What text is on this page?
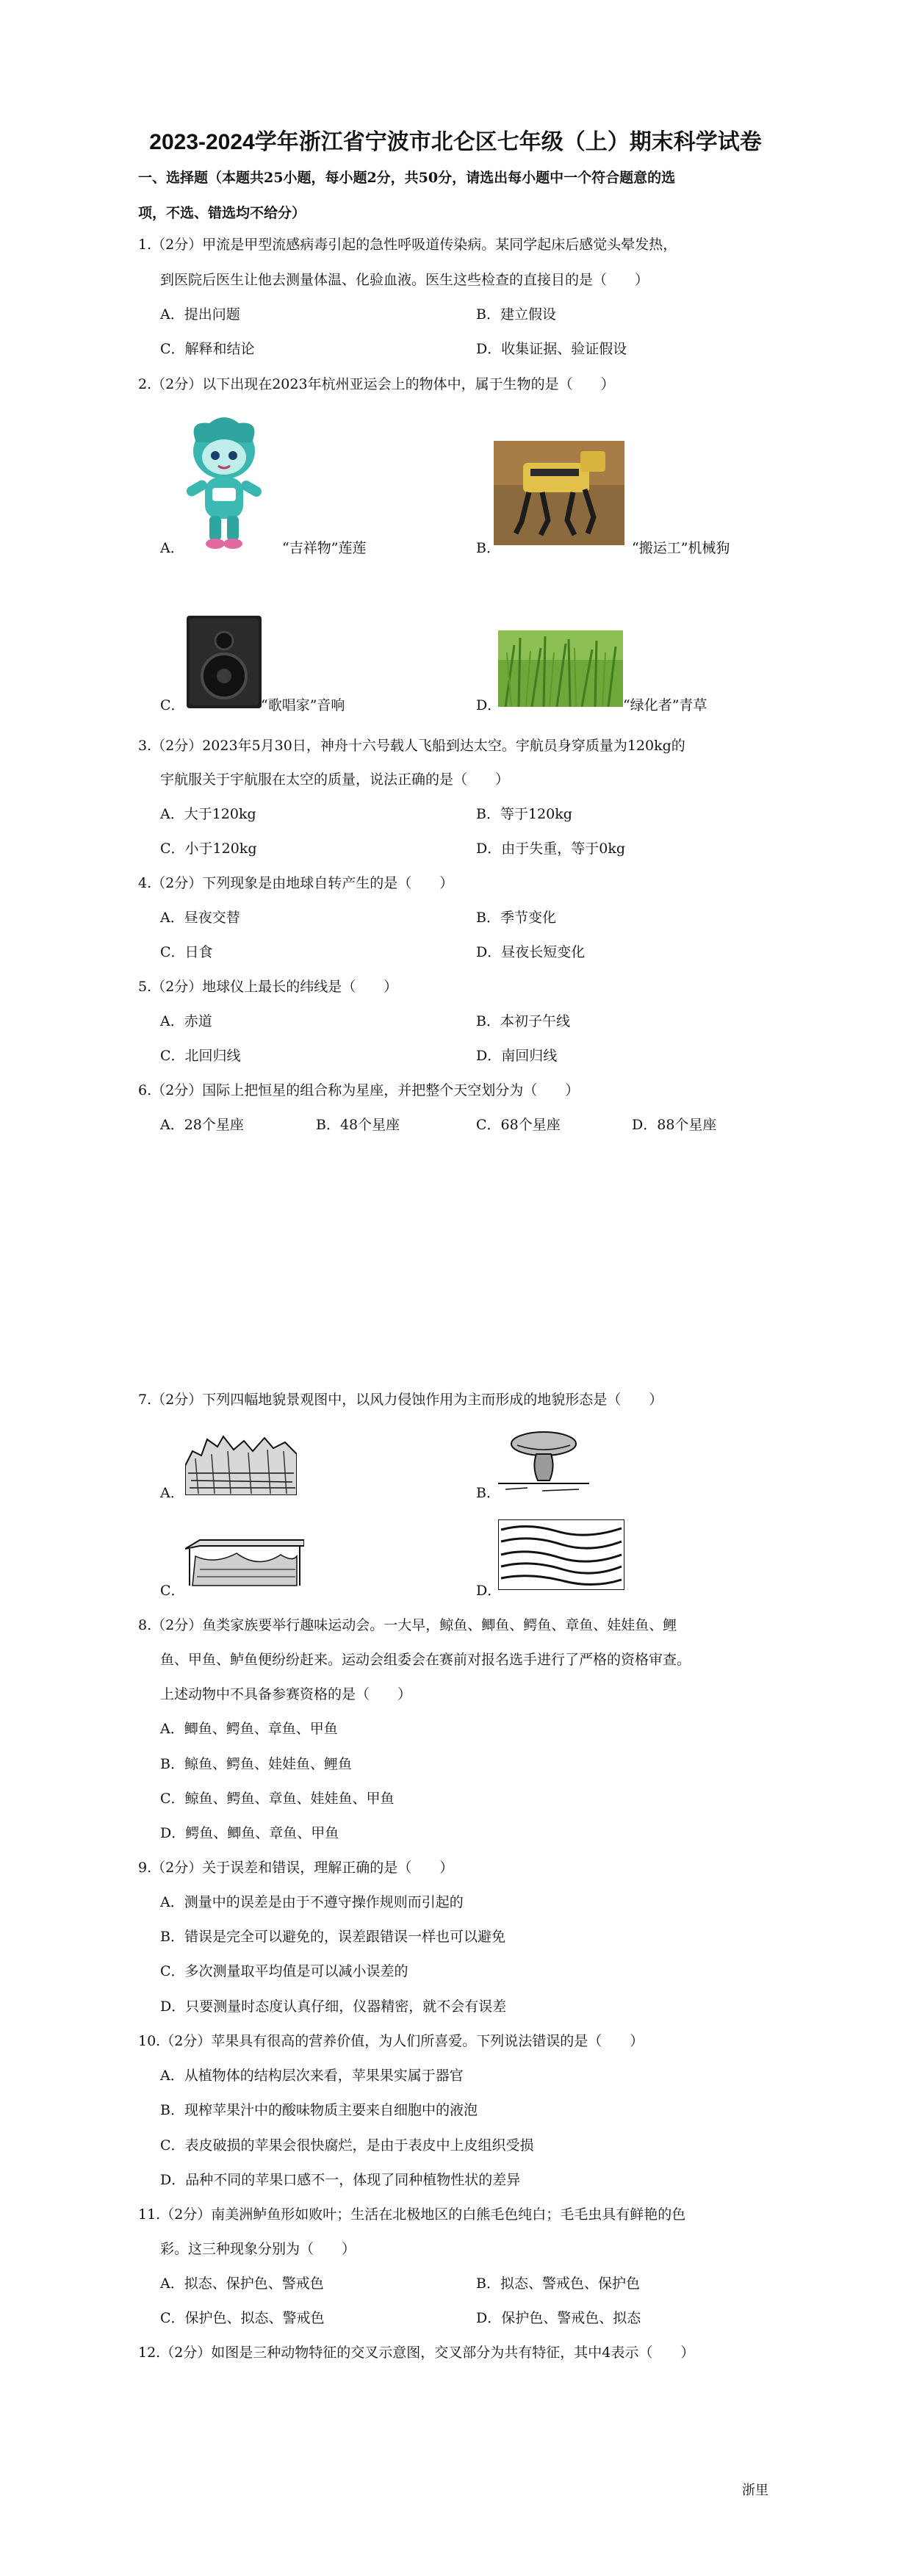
2023-2024学年浙江省宁波市北仑区七年级（上）期末科学试卷
一、选择题（本题共25小题，每小题2分，共50分，请选出每小题中一个符合题意的选
项，不选、错选均不给分）
1.（2分）甲流是甲型流感病毒引起的急性呼吸道传染病。某同学起床后感觉头晕发热，
到医院后医生让他去测量体温、化验血液。医生这些检查的直接目的是（　　）
A．提出问题	B．建立假设
C．解释和结论	D．收集证据、验证假设
2.（2分）以下出现在2023年杭州亚运会上的物体中，属于生物的是（　　）
A．	“吉祥物”莲莲	B．	“搬运工”机械狗
C．	“歌唱家”音响	D．	“绿化者”青草
3.（2分）2023年5月30日，神舟十六号载人飞船到达太空。宇航员身穿质量为120kg的
宇航服关于宇航服在太空的质量，说法正确的是（　　）
A．大于120kg	B．等于120kg
C．小于120kg	D．由于失重，等于0kg
4.（2分）下列现象是由地球自转产生的是（　　）
A．昼夜交替	B．季节变化
C．日食	D．昼夜长短变化
5.（2分）地球仪上最长的纬线是（　　）
A．赤道	B．本初子午线
C．北回归线	D．南回归线
6.（2分）国际上把恒星的组合称为星座，并把整个天空划分为（　　）
A．28个星座	B．48个星座	C．68个星座	D．88个星座
7.（2分）下列四幅地貌景观图中，以风力侵蚀作用为主而形成的地貌形态是（　　）
A．	B．
C．	D．
8.（2分）鱼类家族要举行趣味运动会。一大早，鲸鱼、鲫鱼、鳄鱼、章鱼、娃娃鱼、鲤
鱼、甲鱼、鲈鱼便纷纷赶来。运动会组委会在赛前对报名选手进行了严格的资格审查。
上述动物中不具备参赛资格的是（　　）
A．鲫鱼、鳄鱼、章鱼、甲鱼
B．鲸鱼、鳄鱼、娃娃鱼、鲤鱼
C．鲸鱼、鳄鱼、章鱼、娃娃鱼、甲鱼
D．鳄鱼、鲫鱼、章鱼、甲鱼
9.（2分）关于误差和错误，理解正确的是（　　）
A．测量中的误差是由于不遵守操作规则而引起的
B．错误是完全可以避免的，误差跟错误一样也可以避免
C．多次测量取平均值是可以减小误差的
D．只要测量时态度认真仔细，仪器精密，就不会有误差
10.（2分）苹果具有很高的营养价值，为人们所喜爱。下列说法错误的是（　　）
A．从植物体的结构层次来看，苹果果实属于器官
B．现榨苹果汁中的酸味物质主要来自细胞中的液泡
C．表皮破损的苹果会很快腐烂，是由于表皮中上皮组织受损
D．品种不同的苹果口感不一，体现了同种植物性状的差异
11.（2分）南美洲鲈鱼形如败叶；生活在北极地区的白熊毛色纯白；毛毛虫具有鲜艳的色
彩。这三种现象分别为（　　）
A．拟态、保护色、警戒色	B．拟态、警戒色、保护色
C．保护色、拟态、警戒色	D．保护色、警戒色、拟态
12.（2分）如图是三种动物特征的交叉示意图，交叉部分为共有特征，其中4表示（　　）
浙里
